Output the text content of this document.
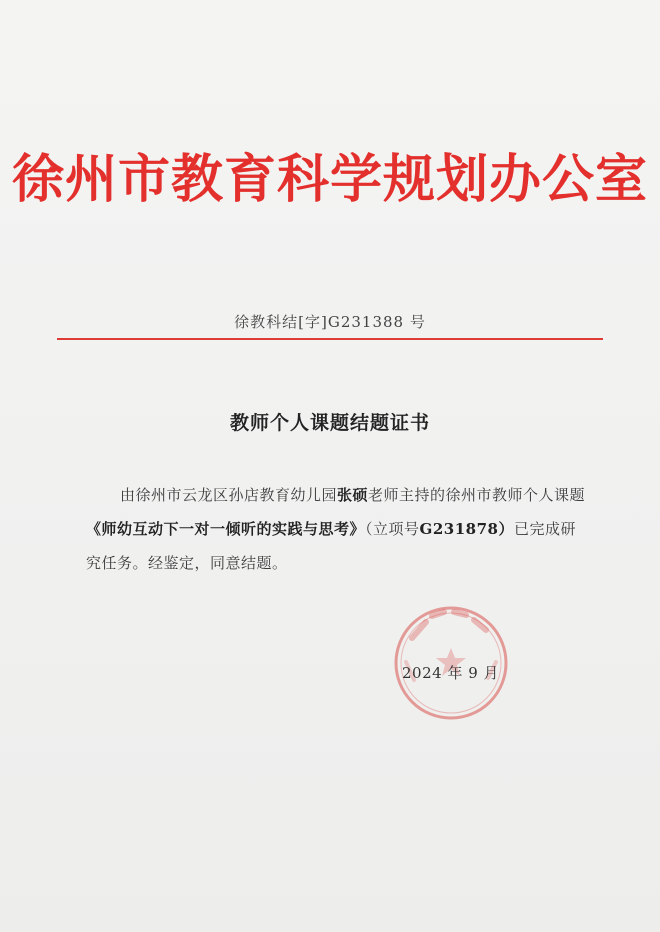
徐州市教育科学规划办公室
徐教科结[字]G231388 号
教师个人课题结题证书
由徐州市云龙区孙店教育幼儿园张硕老师主持的徐州市教师个人课题《师幼互动下一对一倾听的实践与思考》（立项号G231878）已完成研究任务。经鉴定，同意结题。
2024 年 9 月
